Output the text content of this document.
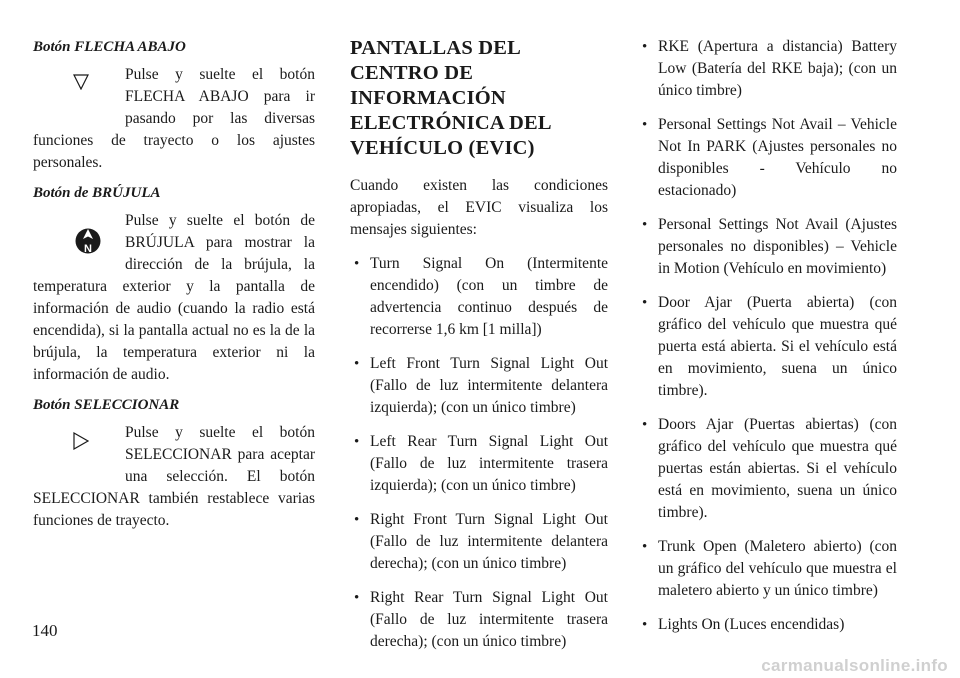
Botón FLECHA ABAJO

Pulse y suelte el botón FLECHA ABAJO para ir pasando por las diversas funciones de trayecto o los ajustes personales.

Botón de BRÚJULA

N

Pulse y suelte el botón de BRÚJULA para mostrar la dirección de la brújula, la temperatura exterior y la pantalla de información de audio (cuando la radio está encendida), si la pantalla actual no es la de la brújula, la temperatura exterior ni la información de audio.

Botón SELECCIONAR

Pulse y suelte el botón SELECCIONAR para aceptar una selección. El botón SELECCIONAR también restablece varias funciones de trayecto.

PANTALLAS DEL CENTRO DE INFORMACIÓN ELECTRÓNICA DEL VEHÍCULO (EVIC)

Cuando existen las condiciones apropiadas, el EVIC visualiza los mensajes siguientes:

• Turn Signal On (Intermitente encendido) (con un timbre de advertencia continuo después de recorrerse 1,6 km [1 milla])
• Left Front Turn Signal Light Out (Fallo de luz intermitente delantera izquierda); (con un único timbre)
• Left Rear Turn Signal Light Out (Fallo de luz intermitente trasera izquierda); (con un único timbre)
• Right Front Turn Signal Light Out (Fallo de luz intermitente delantera derecha); (con un único timbre)
• Right Rear Turn Signal Light Out (Fallo de luz intermitente trasera derecha); (con un único timbre)
• RKE (Apertura a distancia) Battery Low (Batería del RKE baja); (con un único timbre)
• Personal Settings Not Avail – Vehicle Not In PARK (Ajustes personales no disponibles - Vehículo no estacionado)
• Personal Settings Not Avail (Ajustes personales no disponibles) – Vehicle in Motion (Vehículo en movimiento)
• Door Ajar (Puerta abierta) (con gráfico del vehículo que muestra qué puerta está abierta. Si el vehículo está en movimiento, suena un único timbre).
• Doors Ajar (Puertas abiertas) (con gráfico del vehículo que muestra qué puertas están abiertas. Si el vehículo está en movimiento, suena un único timbre).
• Trunk Open (Maletero abierto) (con un gráfico del vehículo que muestra el maletero abierto y un único timbre)
• Lights On (Luces encendidas)
140
carmanualsonline.info
